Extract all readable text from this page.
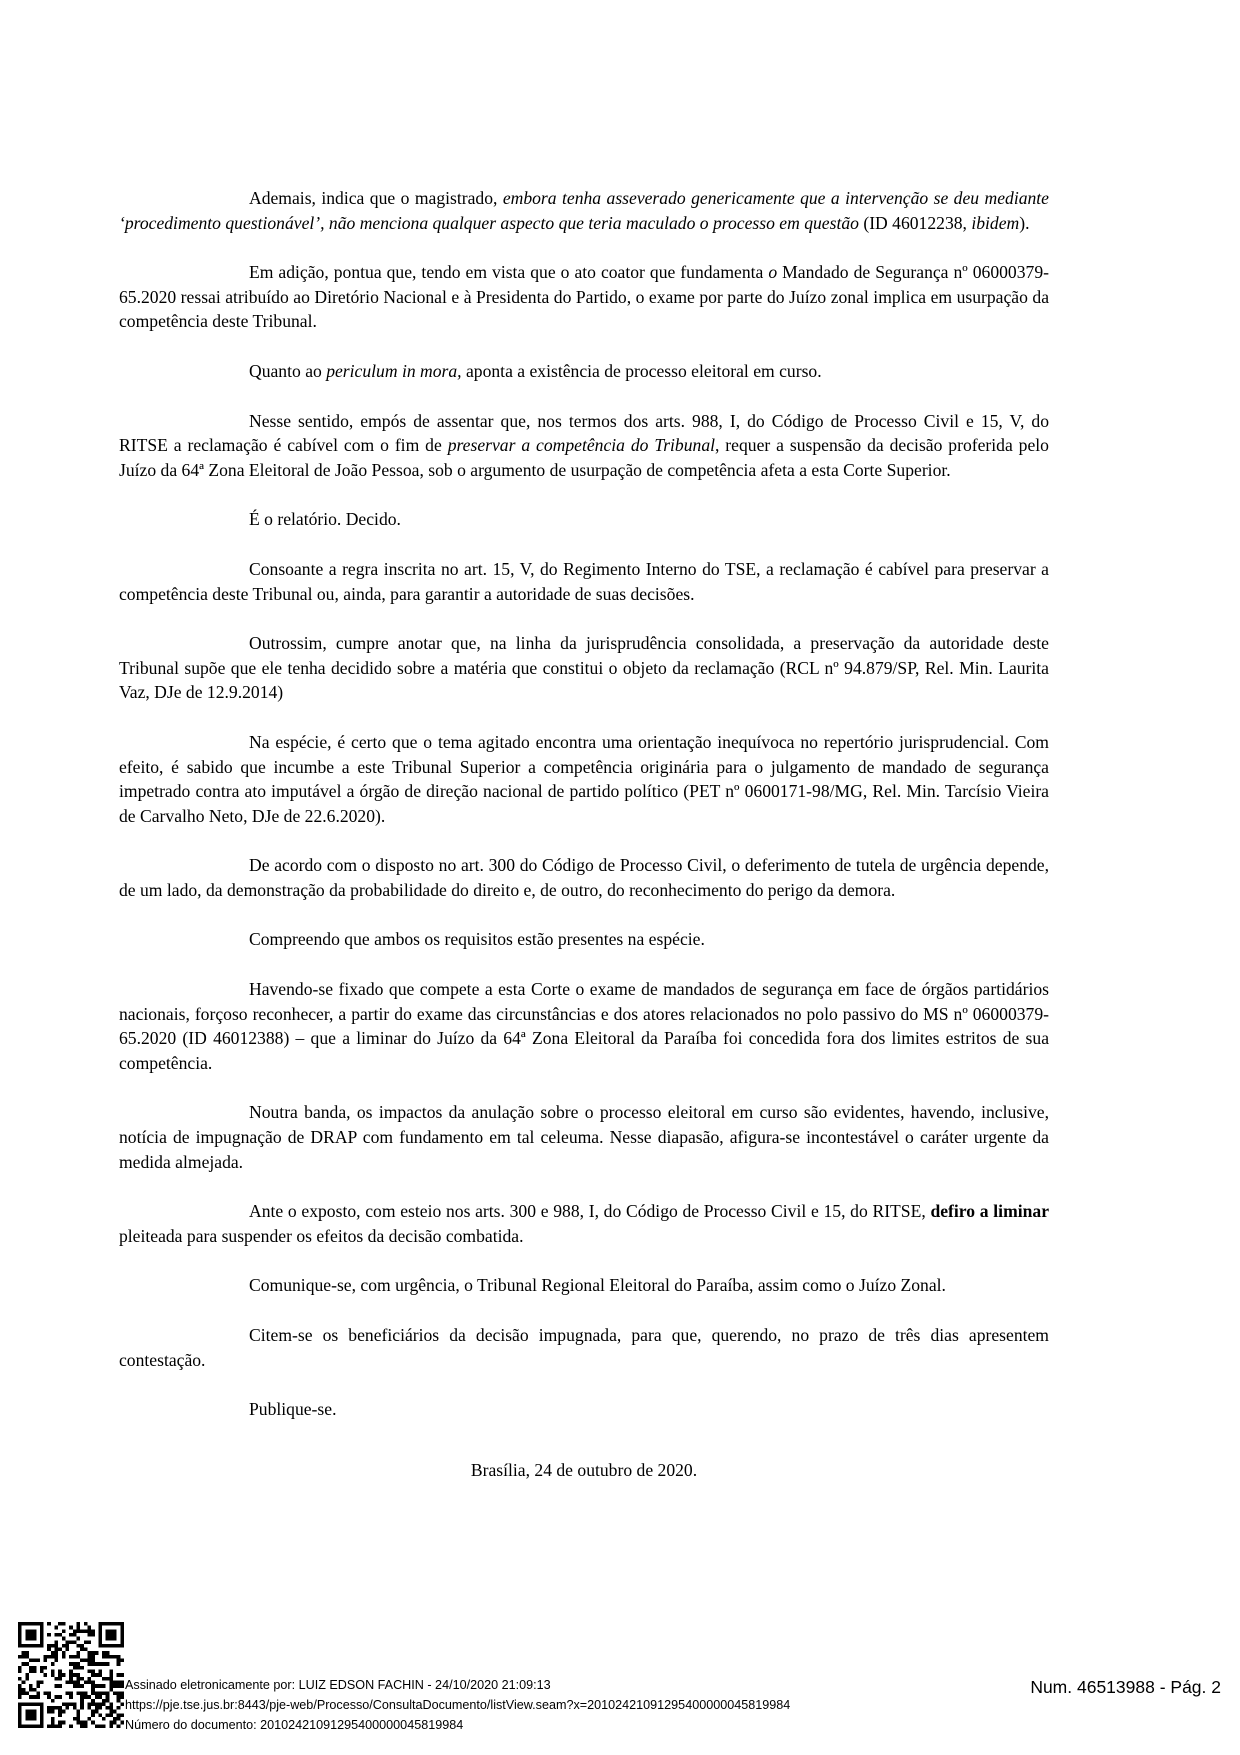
Ademais, indica que o magistrado, embora tenha asseverado genericamente que a intervenção se deu mediante ‘procedimento questionável’, não menciona qualquer aspecto que teria maculado o processo em questão (ID 46012238, ibidem).

Em adição, pontua que, tendo em vista que o ato coator que fundamenta o Mandado de Segurança nº 06000379-65.2020 ressai atribuído ao Diretório Nacional e à Presidenta do Partido, o exame por parte do Juízo zonal implica em usurpação da competência deste Tribunal.

Quanto ao periculum in mora, aponta a existência de processo eleitoral em curso.

Nesse sentido, empós de assentar que, nos termos dos arts. 988, I, do Código de Processo Civil e 15, V, do RITSE a reclamação é cabível com o fim de preservar a competência do Tribunal, requer a suspensão da decisão proferida pelo Juízo da 64ª Zona Eleitoral de João Pessoa, sob o argumento de usurpação de competência afeta a esta Corte Superior.

É o relatório. Decido.

Consoante a regra inscrita no art. 15, V, do Regimento Interno do TSE, a reclamação é cabível para preservar a competência deste Tribunal ou, ainda, para garantir a autoridade de suas decisões.

Outrossim, cumpre anotar que, na linha da jurisprudência consolidada, a preservação da autoridade deste Tribunal supõe que ele tenha decidido sobre a matéria que constitui o objeto da reclamação (RCL nº 94.879/SP, Rel. Min. Laurita Vaz, DJe de 12.9.2014)

Na espécie, é certo que o tema agitado encontra uma orientação inequívoca no repertório jurisprudencial. Com efeito, é sabido que incumbe a este Tribunal Superior a competência originária para o julgamento de mandado de segurança impetrado contra ato imputável a órgão de direção nacional de partido político (PET nº 0600171-98/MG, Rel. Min. Tarcísio Vieira de Carvalho Neto, DJe de 22.6.2020).

De acordo com o disposto no art. 300 do Código de Processo Civil, o deferimento de tutela de urgência depende, de um lado, da demonstração da probabilidade do direito e, de outro, do reconhecimento do perigo da demora.

Compreendo que ambos os requisitos estão presentes na espécie.

Havendo-se fixado que compete a esta Corte o exame de mandados de segurança em face de órgãos partidários nacionais, forçoso reconhecer, a partir do exame das circunstâncias e dos atores relacionados no polo passivo do MS nº 06000379-65.2020 (ID 46012388) – que a liminar do Juízo da 64ª Zona Eleitoral da Paraíba foi concedida fora dos limites estritos de sua competência.

Noutra banda, os impactos da anulação sobre o processo eleitoral em curso são evidentes, havendo, inclusive, notícia de impugnação de DRAP com fundamento em tal celeuma. Nesse diapasão, afigura-se incontestável o caráter urgente da medida almejada.

Ante o exposto, com esteio nos arts. 300 e 988, I, do Código de Processo Civil e 15, do RITSE, defiro a liminar pleiteada para suspender os efeitos da decisão combatida.

Comunique-se, com urgência, o Tribunal Regional Eleitoral do Paraíba, assim como o Juízo Zonal.

Citem-se os beneficiários da decisão impugnada, para que, querendo, no prazo de três dias apresentem contestação.

Publique-se.

Brasília, 24 de outubro de 2020.

Assinado eletronicamente por: LUIZ EDSON FACHIN - 24/10/2020 21:09:13
https://pje.tse.jus.br:8443/pje-web/Processo/ConsultaDocumento/listView.seam?x=20102421091295400000045819984
Número do documento: 20102421091295400000045819984
Num. 46513988 - Pág. 2
